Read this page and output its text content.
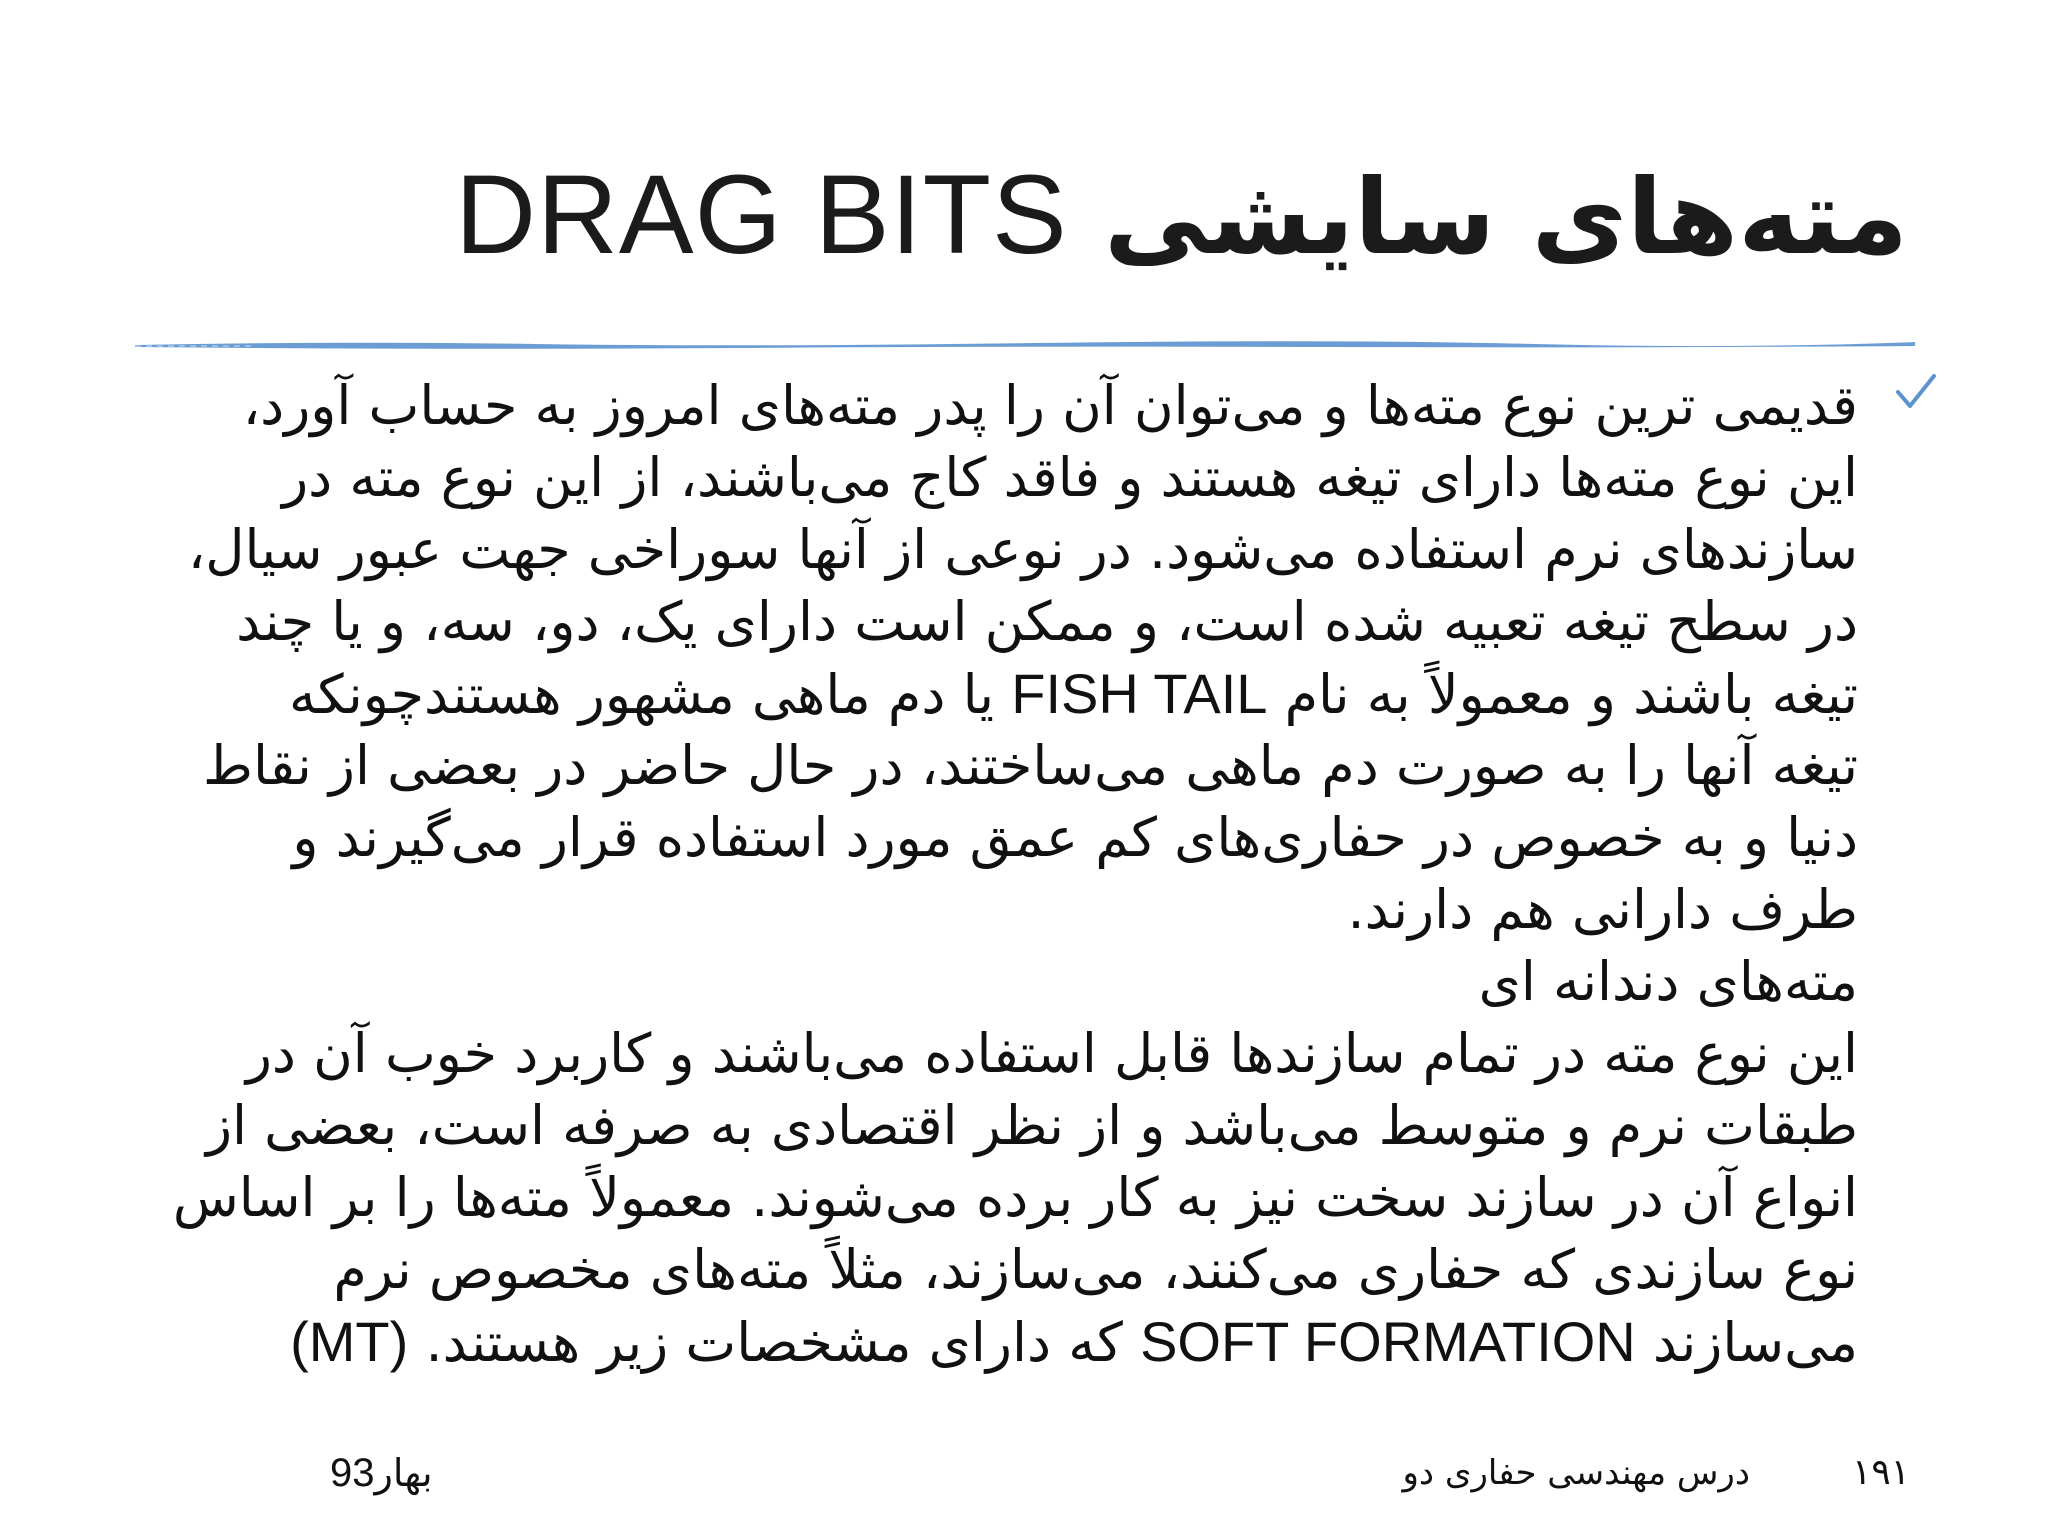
مته‌های سایشی DRAG BITS
قدیمی ترین نوع مته‌ها و می‌توان آن را پدر مته‌های امروز به حساب آورد،
این نوع مته‌ها دارای تیغه هستند و فاقد کاج می‌باشند، از این نوع مته در
سازندهای نرم استفاده می‌شود. در نوعی از آنها سوراخی جهت عبور سیال،
در سطح تیغه تعبیه شده است، و ممکن است دارای یک، دو، سه، و یا چند
تیغه باشند و معمولاً به نام FISH TAIL یا دم ماهی مشهور هستندچونکه
تیغه آنها را به صورت دم ماهی می‌ساختند، در حال حاضر در بعضی از نقاط
دنیا و به خصوص در حفاری‌های کم عمق مورد استفاده قرار می‌گیرند و
طرف دارانی هم دارند.
مته‌های دندانه ای
این نوع مته در تمام سازندها قابل استفاده می‌باشند و کاربرد خوب آن در
طبقات نرم و متوسط می‌باشد و از نظر اقتصادی به صرفه است، بعضی از
انواع آن در سازند سخت نیز به کار برده می‌شوند. معمولاً مته‌ها را بر اساس
نوع سازندی که حفاری می‌کنند، می‌سازند، مثلاً مته‌های مخصوص نرم
می‌سازند SOFT FORMATION که دارای مشخصات زیر هستند. (MT)
بهار93	درس مهندسی حفاری دو	۱۹۱
